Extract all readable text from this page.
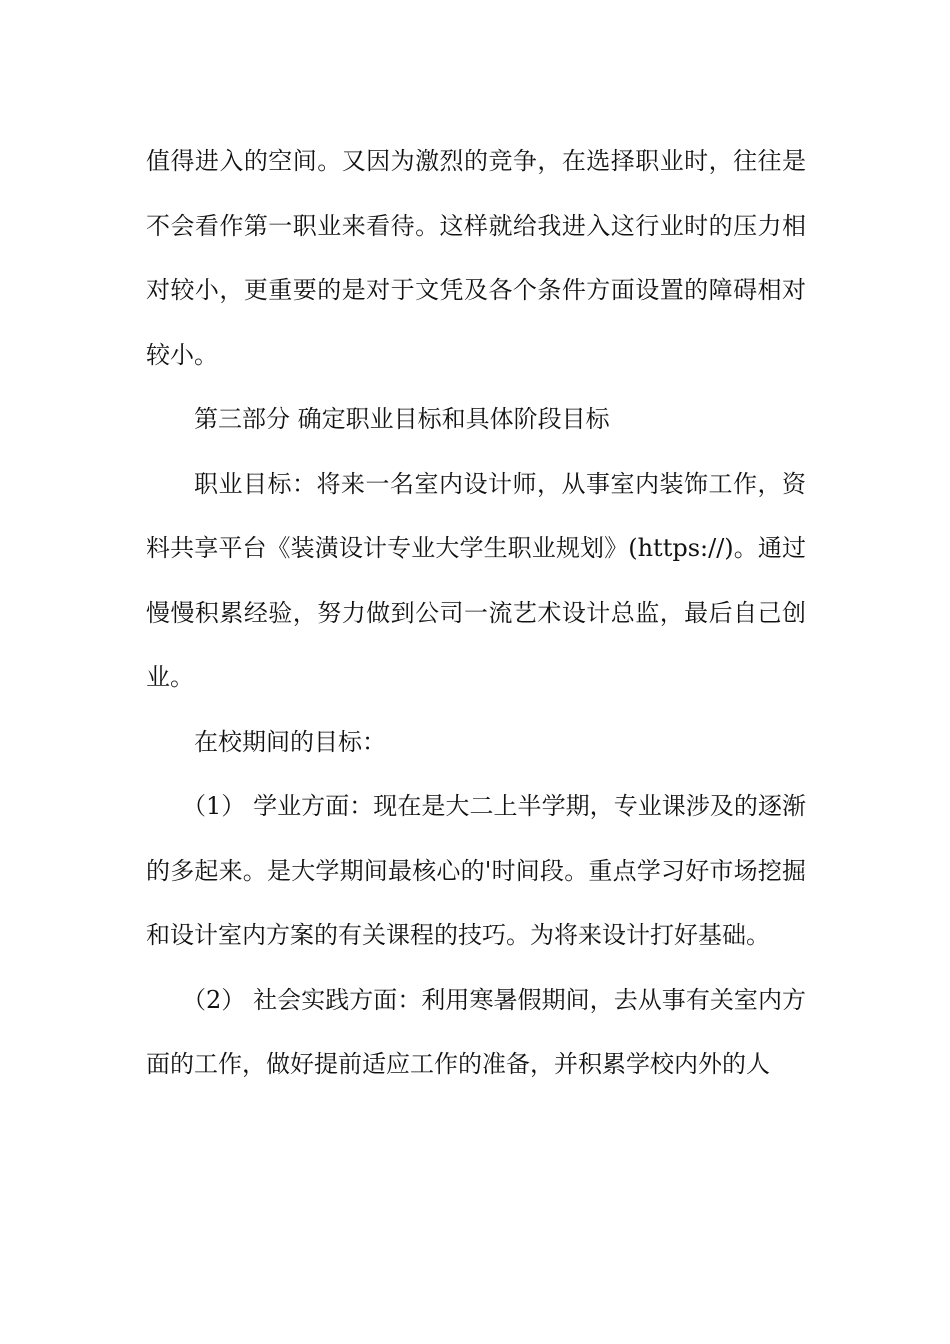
值得进入的空间。又因为激烈的竞争，在选择职业时，往往是不会看作第一职业来看待。这样就给我进入这行业时的压力相对较小，更重要的是对于文凭及各个条件方面设置的障碍相对较小。

第三部分 确定职业目标和具体阶段目标

职业目标：将来一名室内设计师，从事室内装饰工作，资料共享平台《装潢设计专业大学生职业规划》(https://)。通过慢慢积累经验，努力做到公司一流艺术设计总监，最后自己创业。

在校期间的目标：

（1） 学业方面：现在是大二上半学期，专业课涉及的逐渐的多起来。是大学期间最核心的'时间段。重点学习好市场挖掘和设计室内方案的有关课程的技巧。为将来设计打好基础。

（2） 社会实践方面：利用寒暑假期间，去从事有关室内方面的工作，做好提前适应工作的准备，并积累学校内外的人
